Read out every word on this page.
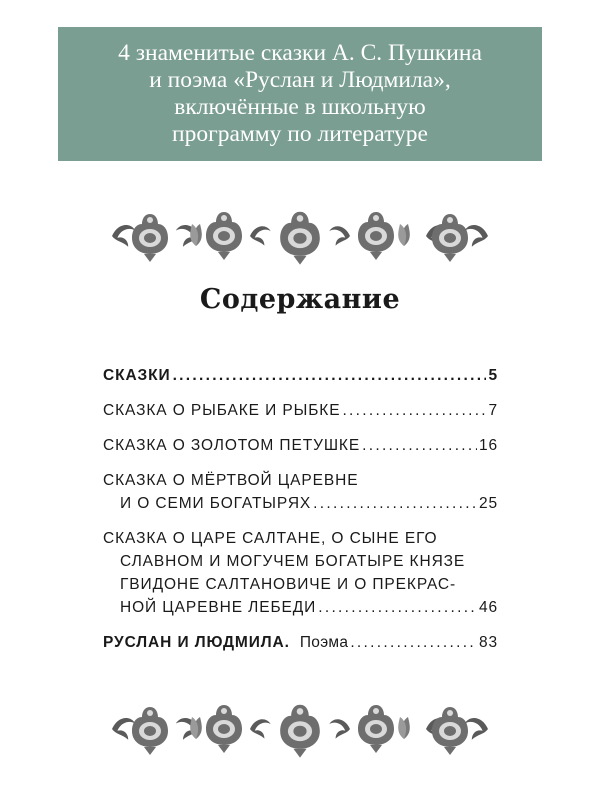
4 знаменитые сказки А. С. Пушкина
и поэма «Руслан и Людмила»,
включённые в школьную
программу по литературе
Содержание
СКАЗКИ . . .	5
СКАЗКА О РЫБАКЕ И РЫБКЕ . . .	7
СКАЗКА О ЗОЛОТОМ ПЕТУШКЕ . . .	16
СКАЗКА О МЁРТВОЙ ЦАРЕВНЕ
И О СЕМИ БОГАТЫРЯХ . . .	25
СКАЗКА О ЦАРЕ САЛТАНЕ, О СЫНЕ ЕГО
СЛАВНОМ И МОГУЧЕМ БОГАТЫРЕ КНЯЗЕ
ГВИДОНЕ САЛТАНОВИЧЕ И О ПРЕКРАС-
НОЙ ЦАРЕВНЕ ЛЕБЕДИ . . .	46
РУСЛАН И ЛЮДМИЛА. Поэма . . .	83
